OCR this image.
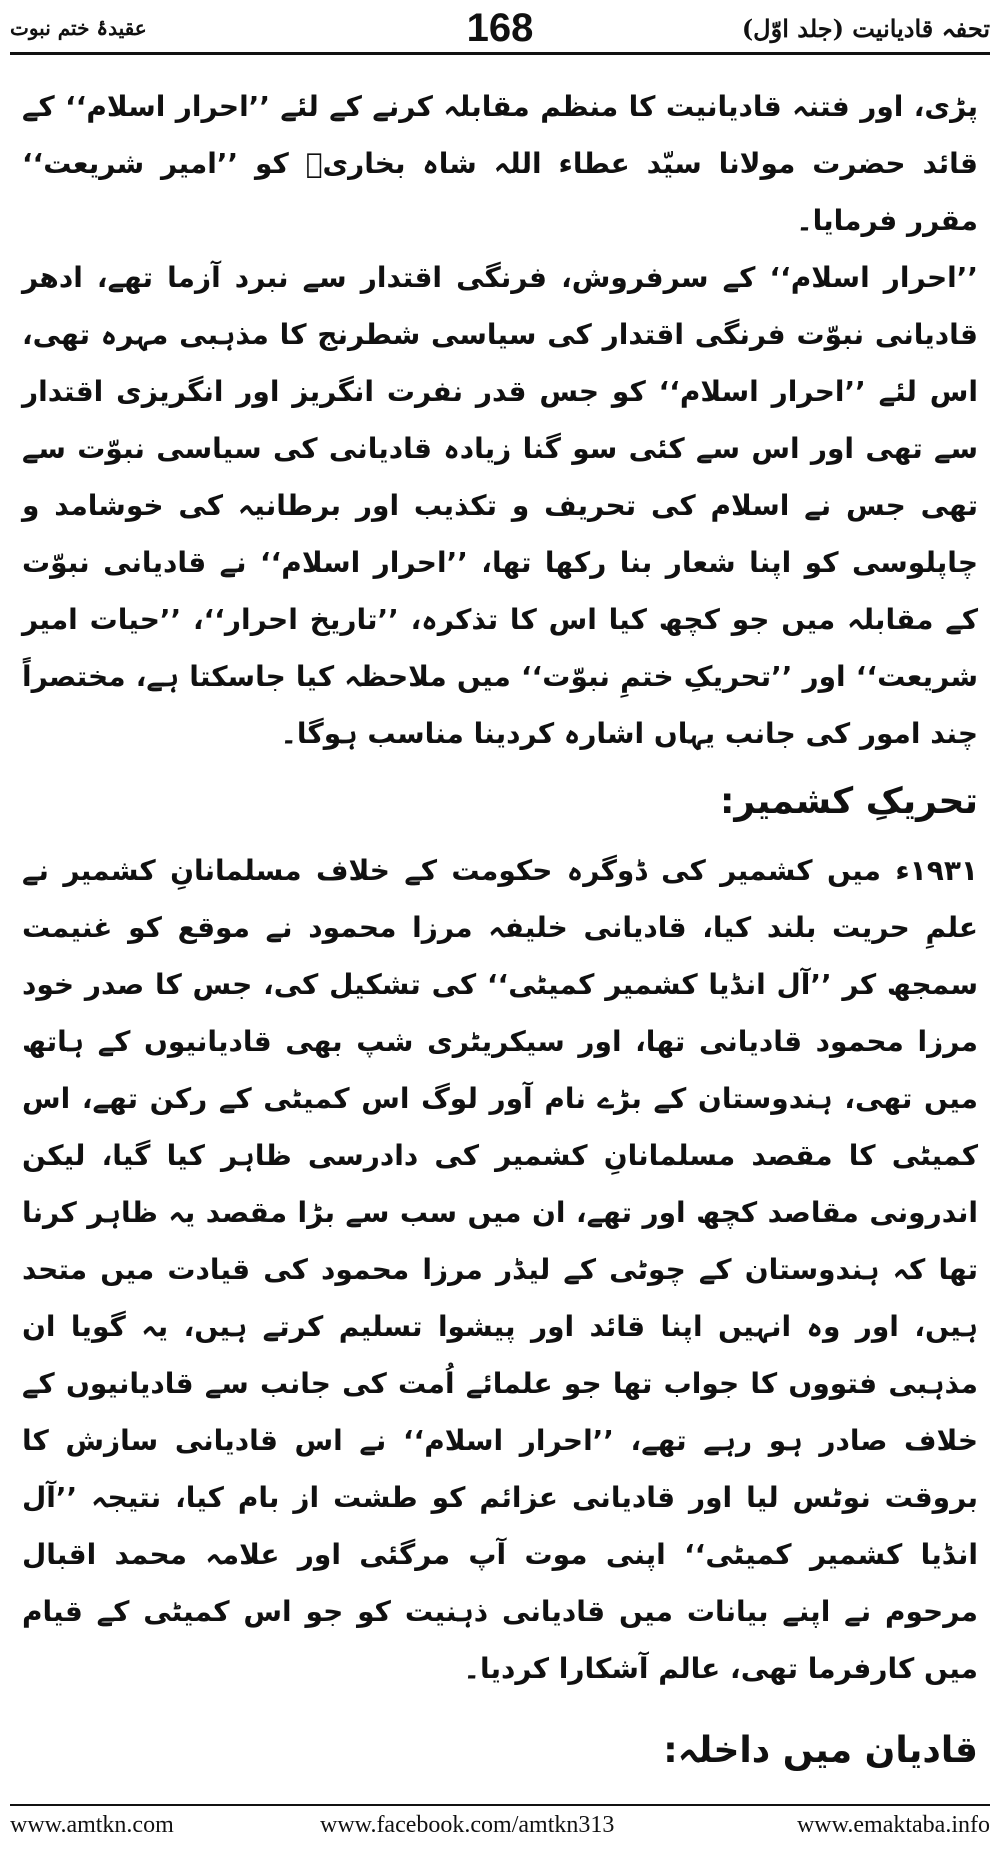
تحفہ قادیانیت (جلد اوّل)
168
عقیدۂ ختم نبوت

پڑی، اور فتنہ قادیانیت کا منظم مقابلہ کرنے کے لئے ’’احرار اسلام‘‘ کے قائد حضرت مولانا سیّد عطاء اللہ شاہ بخاریؒ کو ’’امیر شریعت‘‘ مقرر فرمایا۔

’’احرار اسلام‘‘ کے سرفروش، فرنگی اقتدار سے نبرد آزما تھے، ادھر قادیانی نبوّت فرنگی اقتدار کی سیاسی شطرنج کا مذہبی مہرہ تھی، اس لئے ’’احرار اسلام‘‘ کو جس قدر نفرت انگریز اور انگریزی اقتدار سے تھی اور اس سے کئی سو گنا زیادہ قادیانی کی سیاسی نبوّت سے تھی جس نے اسلام کی تحریف و تکذیب اور برطانیہ کی خوشامد و چاپلوسی کو اپنا شعار بنا رکھا تھا، ’’احرار اسلام‘‘ نے قادیانی نبوّت کے مقابلہ میں جو کچھ کیا اس کا تذکرہ، ’’تاریخ احرار‘‘، ’’حیات امیر شریعت‘‘ اور ’’تحریکِ ختمِ نبوّت‘‘ میں ملاحظہ کیا جاسکتا ہے، مختصراً چند امور کی جانب یہاں اشارہ کردینا مناسب ہوگا۔

تحریکِ کشمیر:

۱۹۳۱ء میں کشمیر کی ڈوگرہ حکومت کے خلاف مسلمانانِ کشمیر نے علمِ حریت بلند کیا، قادیانی خلیفہ مرزا محمود نے موقع کو غنیمت سمجھ کر ’’آل انڈیا کشمیر کمیٹی‘‘ کی تشکیل کی، جس کا صدر خود مرزا محمود قادیانی تھا، اور سیکریٹری شپ بھی قادیانیوں کے ہاتھ میں تھی، ہندوستان کے بڑے نام آور لوگ اس کمیٹی کے رکن تھے، اس کمیٹی کا مقصد مسلمانانِ کشمیر کی دادرسی ظاہر کیا گیا، لیکن اندرونی مقاصد کچھ اور تھے، ان میں سب سے بڑا مقصد یہ ظاہر کرنا تھا کہ ہندوستان کے چوٹی کے لیڈر مرزا محمود کی قیادت میں متحد ہیں، اور وہ انہیں اپنا قائد اور پیشوا تسلیم کرتے ہیں، یہ گویا ان مذہبی فتووں کا جواب تھا جو علمائے اُمت کی جانب سے قادیانیوں کے خلاف صادر ہو رہے تھے، ’’احرار اسلام‘‘ نے اس قادیانی سازش کا بروقت نوٹس لیا اور قادیانی عزائم کو طشت از بام کیا، نتیجہ ’’آل انڈیا کشمیر کمیٹی‘‘ اپنی موت آپ مرگئی اور علامہ محمد اقبال مرحوم نے اپنے بیانات میں قادیانی ذہنیت کو جو اس کمیٹی کے قیام میں کارفرما تھی، عالم آشکارا کردیا۔

قادیان میں داخلہ:
www.amtkn.com	www.facebook.com/amtkn313	www.emaktaba.info
